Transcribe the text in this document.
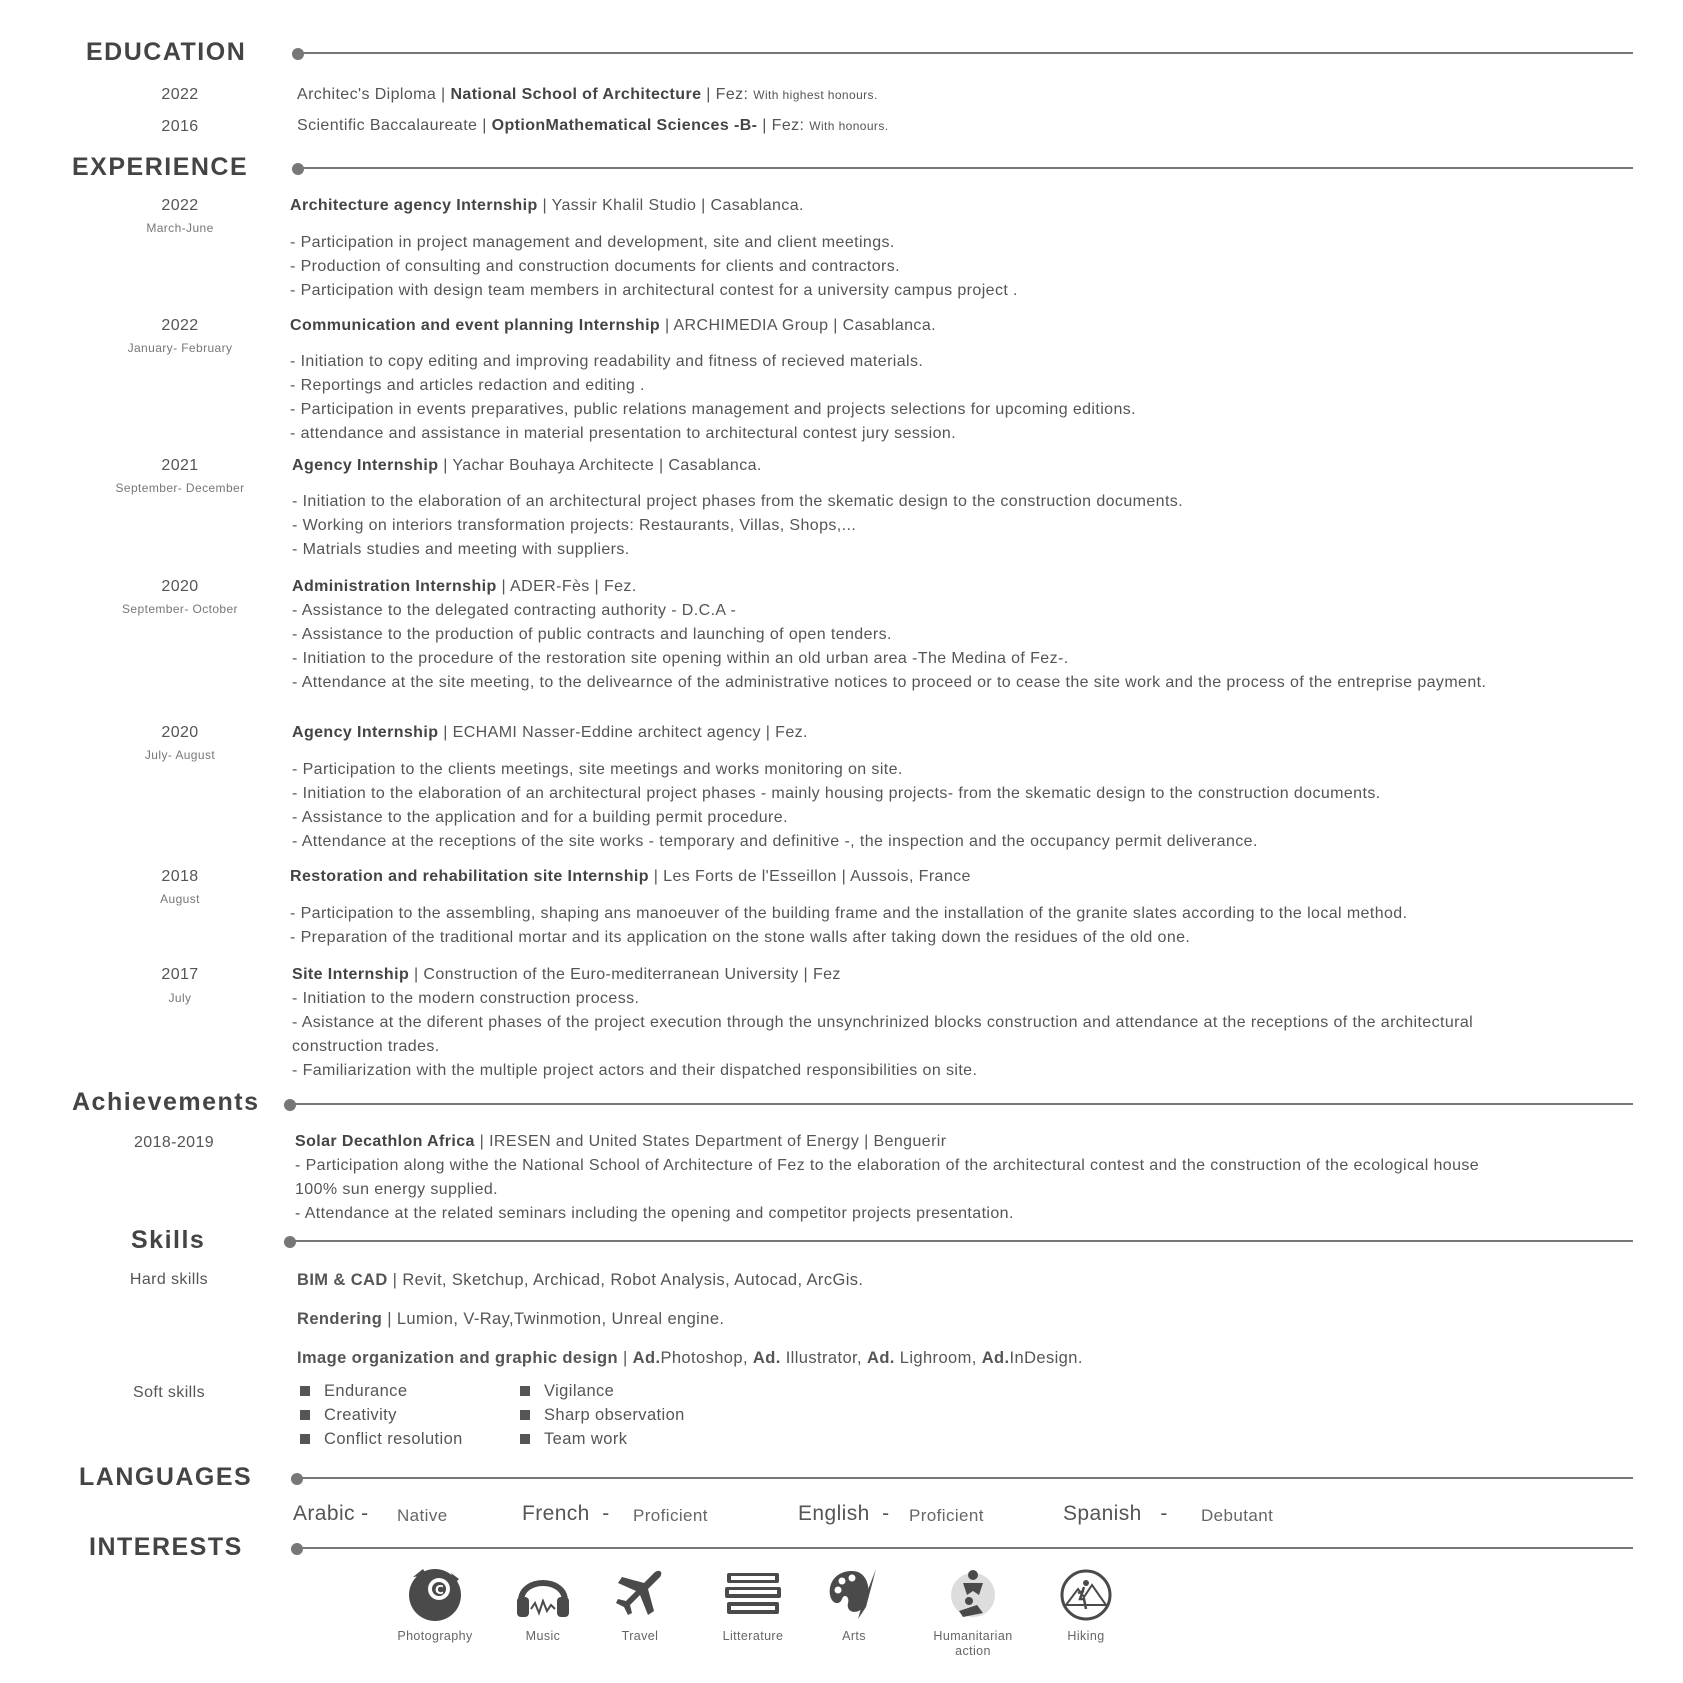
EDUCATION
2022	Architec's Diploma | National School of Architecture | Fez: With highest honours.
2016	Scientific Baccalaureate | OptionMathematical Sciences -B- | Fez: With honours.
EXPERIENCE
2022
March-June
Architecture agency Internship | Yassir Khalil Studio | Casablanca.
- Participation in project management and development, site and client meetings.
- Production of consulting and construction documents for clients and contractors.
- Participation with design team members in architectural contest for a university campus project .
2022
January- February
Communication and event planning Internship | ARCHIMEDIA Group | Casablanca.
- Initiation to copy editing and improving readability and fitness of recieved materials.
- Reportings and articles redaction and editing .
- Participation in events preparatives, public relations management and projects selections for upcoming editions.
- attendance and assistance in material presentation to architectural contest jury session.
2021
September- December
Agency Internship | Yachar Bouhaya Architecte | Casablanca.
- Initiation to the elaboration of an architectural project phases from the skematic design to the construction documents.
- Working on interiors transformation projects: Restaurants, Villas, Shops,...
- Matrials studies and meeting with suppliers.
2020
September- October
Administration Internship | ADER-Fès | Fez.
- Assistance to the delegated contracting authority - D.C.A -
- Assistance to the production of public contracts and launching of open tenders.
- Initiation to the procedure of the restoration site opening within an old urban area -The Medina of Fez-.
- Attendance at the site meeting, to the delivearnce of the administrative notices to proceed or to cease the site work and the process of the entreprise payment.
2020
July- August
Agency Internship | ECHAMI Nasser-Eddine architect agency | Fez.
- Participation to the clients meetings, site meetings and works monitoring on site.
- Initiation to the elaboration of an architectural project phases - mainly housing projects- from the skematic design to the construction documents.
- Assistance to the application and for a building permit procedure.
- Attendance at the receptions of the site works - temporary and definitive -, the inspection and the occupancy permit deliverance.
2018
August
Restoration and rehabilitation site Internship | Les Forts de l'Esseillon | Aussois, France
- Participation to the assembling, shaping ans manoeuver of the building frame and the installation of the granite slates according to the local method.
- Preparation of the traditional mortar and its application on the stone walls after taking down the residues of the old one.
2017
July
Site Internship | Construction of the Euro-mediterranean University | Fez
- Initiation to the modern construction process.
- Asistance at the diferent phases of the project execution through the unsynchrinized blocks construction and attendance at the receptions of the architectural
construction trades.
- Familiarization with the multiple project actors and their dispatched responsibilities on site.
Achievements
2018-2019	Solar Decathlon Africa | IRESEN and United States Department of Energy | Benguerir
- Participation along withe the National School of Architecture of Fez to the elaboration of the architectural contest and the construction of the ecological house
100% sun energy supplied.
- Attendance at the related seminars including the opening and competitor projects presentation.
Skills
Hard skills	BIM & CAD | Revit, Sketchup, Archicad, Robot Analysis, Autocad, ArcGis.
Rendering | Lumion, V-Ray,Twinmotion, Unreal engine.
Image organization and graphic design | Ad.Photoshop, Ad. Illustrator, Ad. Lighroom, Ad.InDesign.
Soft skills	Endurance
Creativity
Conflict resolution
Vigilance
Sharp observation
Team work
LANGUAGES
Arabic - Native	French  - Proficient	English  - Proficient	Spanish   - Debutant
INTERESTS
C
Photography	Music	Travel	Litterature	Arts	Humanitarian action
Hiking
